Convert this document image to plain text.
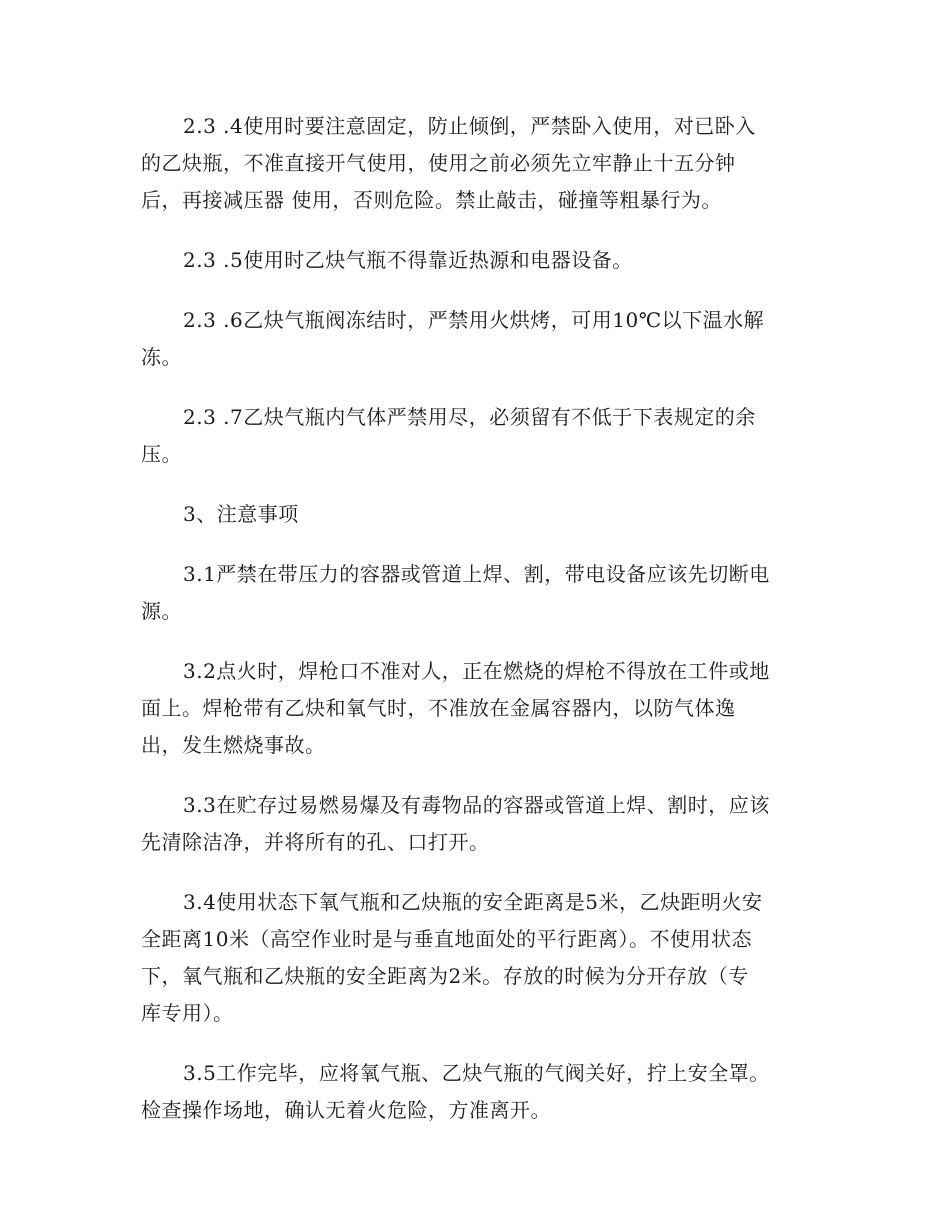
2.3 .4使用时要注意固定，防止倾倒，严禁卧入使用，对已卧入
的乙炔瓶，不准直接开气使用，使用之前必须先立牢静止十五分钟
后，再接减压器 使用，否则危险。禁止敲击，碰撞等粗暴行为。

2.3 .5使用时乙炔气瓶不得靠近热源和电器设备。

2.3 .6乙炔气瓶阀冻结时，严禁用火烘烤，可用10℃以下温水解
冻。

2.3 .7乙炔气瓶内气体严禁用尽，必须留有不低于下表规定的余
压。

3、注意事项

3.1严禁在带压力的容器或管道上焊、割，带电设备应该先切断电
源。

3.2点火时，焊枪口不准对人，正在燃烧的焊枪不得放在工件或地
面上。焊枪带有乙炔和氧气时，不准放在金属容器内，以防气体逸
出，发生燃烧事故。

3.3在贮存过易燃易爆及有毒物品的容器或管道上焊、割时，应该
先清除洁净，并将所有的孔、口打开。

3.4使用状态下氧气瓶和乙炔瓶的安全距离是5米，乙炔距明火安
全距离10米（高空作业时是与垂直地面处的平行距离）。不使用状态
下，氧气瓶和乙炔瓶的安全距离为2米。存放的时候为分开存放（专
库专用）。

3.5工作完毕，应将氧气瓶、乙炔气瓶的气阀关好，拧上安全罩。
检查操作场地，确认无着火危险，方准离开。
